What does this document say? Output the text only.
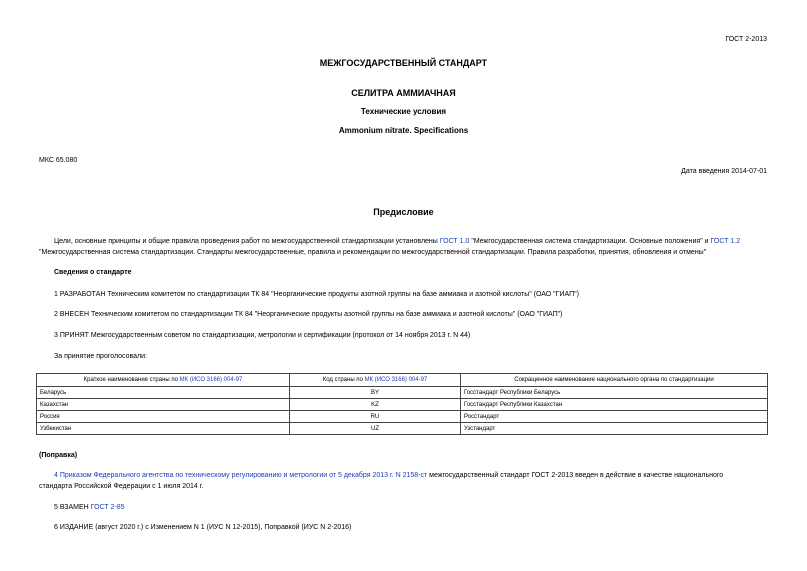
ГОСТ 2-2013
МЕЖГОСУДАРСТВЕННЫЙ СТАНДАРТ
СЕЛИТРА АММИАЧНАЯ
Технические условия
Ammonium nitrate. Specifications
МКС 65.080
Дата введения 2014-07-01
Предисловие
Цели, основные принципы и общие правила проведения работ по межгосударственной стандартизации установлены ГОСТ 1.0 "Межгосударственная система стандартизации. Основные положения" и ГОСТ 1.2
"Межгосударственная система стандартизации. Стандарты межгосударственные, правила и рекомендации по межгосударственной стандартизации. Правила разработки, принятия, обновления и отмены"
Сведения о стандарте
1 РАЗРАБОТАН Техническим комитетом по стандартизации ТК 84 "Неорганические продукты азотной группы на базе аммиака и азотной кислоты" (ОАО "ГИАП")
2 ВНЕСЕН Техническим комитетом по стандартизации ТК 84 "Неорганические продукты азотной группы на базе аммиака и азотной кислоты" (ОАО "ГИАП")
3 ПРИНЯТ Межгосударственным советом по стандартизации, метрологии и сертификации (протокол от 14 ноября 2013 г. N 44)
За принятие проголосовали:
Краткое наименование страны по МК (ИСО 3166) 004-97	Код страны по МК (ИСО 3166) 004-97	Сокращенное наименование национального органа по стандартизации
Беларусь	BY	Госстандарт Республики Беларусь
Казахстан	KZ	Госстандарт Республики Казахстан
Россия	RU	Росстандарт
Узбекистан	UZ	Узстандарт
(Поправка)
4 Приказом Федерального агентства по техническому регулированию и метрологии от 5 декабря 2013 г. N 2158-ст межгосударственный стандарт ГОСТ 2-2013 введен в действие в качестве национального
стандарта Российской Федерации с 1 июля 2014 г.
5 ВЗАМЕН ГОСТ 2-85
6 ИЗДАНИЕ (август 2020 г.) с Изменением N 1 (ИУС N 12-2015), Поправкой (ИУС N 2-2016)
